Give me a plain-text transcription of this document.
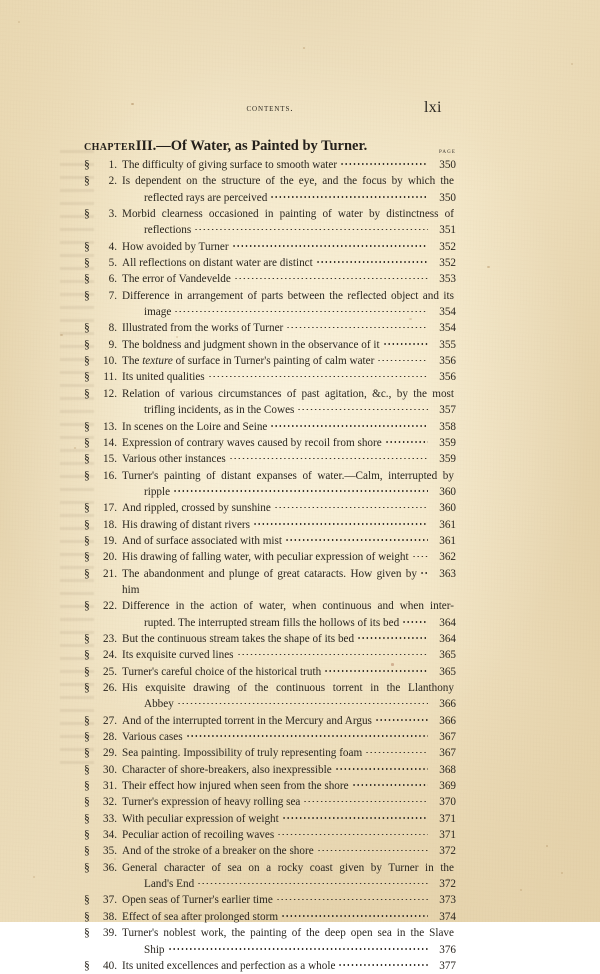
contents.
chapterIII.—Of Water, as Painted by Turner.	page
§	1. The difficulty of giving surface to smooth water	350
§	2. Is dependent on the structure of the eye, and the focus by which the
reflected rays are perceived	350
§	3. Morbid clearness occasioned in painting of water by distinctness of
reflections	351
§	4. How avoided by Turner	352
§	5. All reflections on distant water are distinct	352
§	6. The error of Vandevelde	353
§	7. Difference in arrangement of parts between the reflected object and its
image	354
§	8. Illustrated from the works of Turner	354
§	9. The boldness and judgment shown in the observance of it	355
§	10. The texture of surface in Turner's painting of calm water	356
§	11. Its united qualities	356
§	12. Relation of various circumstances of past agitation, &c., by the most
trifling incidents, as in the Cowes	357
§	13. In scenes on the Loire and Seine	358
§	14. Expression of contrary waves caused by recoil from shore	359
§	15. Various other instances	359
§	16. Turner's painting of distant expanses of water.—Calm, interrupted by
ripple	360
§	17. And rippled, crossed by sunshine	360
§	18. His drawing of distant rivers	361
§	19. And of surface associated with mist	361
§	20. His drawing of falling water, with peculiar expression of weight	362
§	21. The abandonment and plunge of great cataracts. How given by him
363
§	22. Difference in the action of water, when continuous and when inter-
rupted. The interrupted stream fills the hollows of its bed	364
§	23. But the continuous stream takes the shape of its bed	364
§	24. Its exquisite curved lines	365
§	25. Turner's careful choice of the historical truth	365
§	26. His exquisite drawing of the continuous torrent in the Llanthony
Abbey	366
§	27. And of the interrupted torrent in the Mercury and Argus	366
§	28. Various cases	367
§	29. Sea painting. Impossibility of truly representing foam	367
§	30. Character of shore-breakers, also inexpressible	368
§	31. Their effect how injured when seen from the shore	369
§	32. Turner's expression of heavy rolling sea	370
§	33. With peculiar expression of weight	371
§	34. Peculiar action of recoiling waves	371
§	35. And of the stroke of a breaker on the shore	372
§	36. General character of sea on a rocky coast given by Turner in the
Land's End	372
§	37. Open seas of Turner's earlier time	373
§	38. Effect of sea after prolonged storm	374
§	39. Turner's noblest work, the painting of the deep open sea in the Slave
Ship	376
§	40. Its united excellences and perfection as a whole	377
lxi
